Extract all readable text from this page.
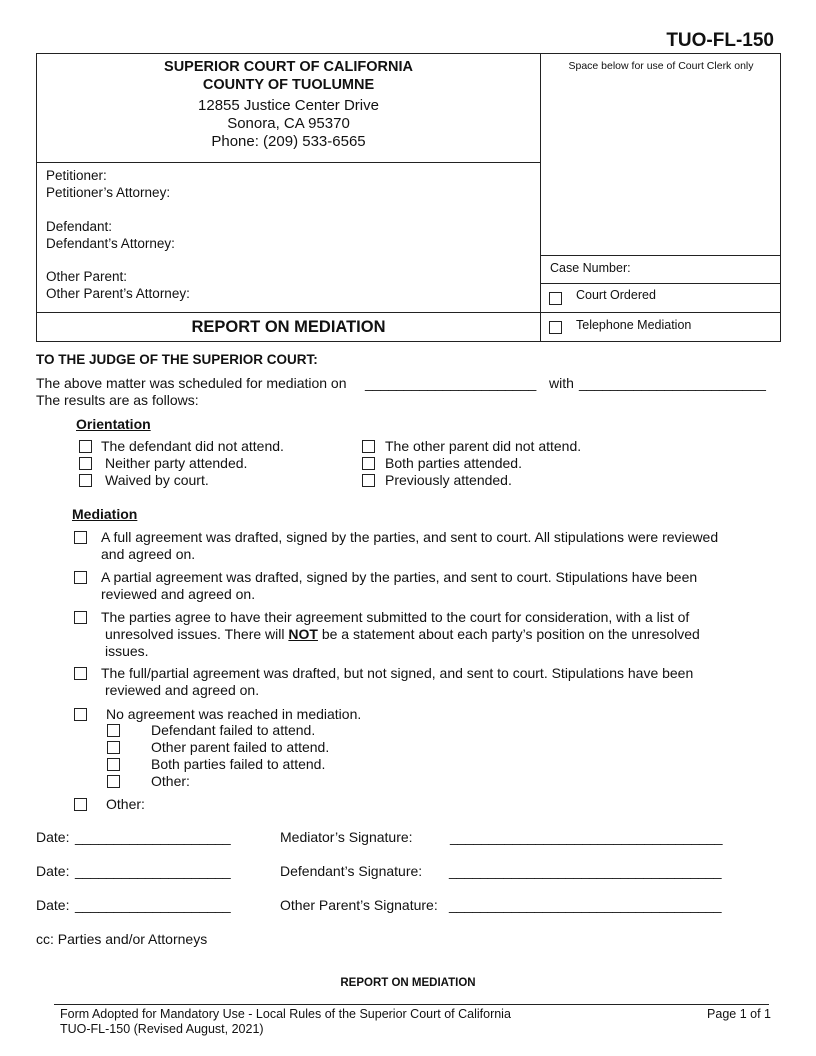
TUO-FL-150
SUPERIOR COURT OF CALIFORNIA
COUNTY OF TUOLUMNE
12855 Justice Center Drive
Sonora, CA 95370
Phone: (209) 533-6565
Space below for use of Court Clerk only
Petitioner:
Petitioner’s Attorney:
Defendant:
Defendant’s Attorney:
Other Parent:
Other Parent’s Attorney:
Case Number:
Court Ordered
Telephone Mediation
REPORT ON MEDIATION
TO THE JUDGE OF THE SUPERIOR COURT:
The above matter was scheduled for mediation on ______________________ with ________________________
The results are as follows:
Orientation
The defendant did not attend.
Neither party attended.
Waived by court.
The other parent did not attend.
Both parties attended.
Previously attended.
Mediation
A full agreement was drafted, signed by the parties, and sent to court. All stipulations were reviewed
and agreed on.
A partial agreement was drafted, signed by the parties, and sent to court. Stipulations have been
reviewed and agreed on.
The parties agree to have their agreement submitted to the court for consideration, with a list of
unresolved issues. There will NOT be a statement about each party’s position on the unresolved
issues.
The full/partial agreement was drafted, but not signed, and sent to court. Stipulations have been
reviewed and agreed on.
No agreement was reached in mediation.
Defendant failed to attend.
Other parent failed to attend.
Both parties failed to attend.
Other:
Other:
Date: ____________________	Mediator’s Signature:	___________________________________
Date: ____________________	Defendant’s Signature: ___________________________________
Date: ____________________	Other Parent’s Signature: ___________________________________
cc: Parties and/or Attorneys
REPORT ON MEDIATION
Form Adopted for Mandatory Use - Local Rules of the Superior Court of California
TUO-FL-150 (Revised August, 2021)
Page 1 of 1
